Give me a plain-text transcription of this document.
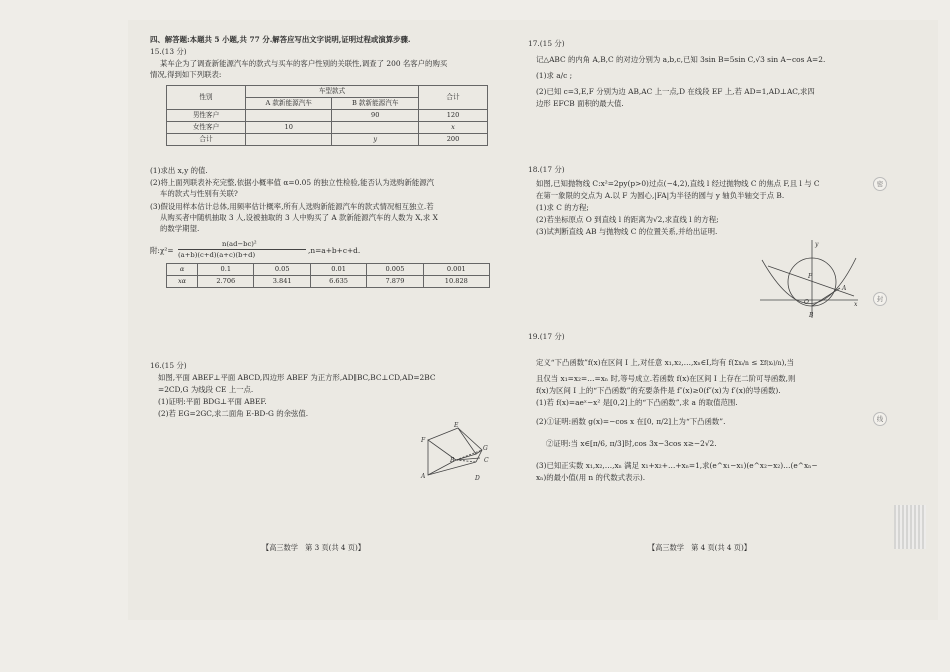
四、解答题:本题共 5 小题,共 77 分.解答应写出文字说明,证明过程或演算步骤.
15.(13 分)
某车企为了调查新能源汽车的款式与买车的客户性别的关联性,调查了 200 名客户的购买
情况,得到如下列联表:
性别	车型款式		合计
	A 款新能源汽车	B 款新能源汽车	
男性客户		90	120
女性客户	10		x
合计		y	200
(1)求出 x,y 的值.
(2)将上面列联表补充完整,依据小概率值 α=0.05 的独立性检验,能否认为选购新能源汽
车的款式与性别有关联?
(3)假设用样本估计总体,用频率估计概率,所有人选购新能源汽车的款式情况相互独立.若
从购买者中随机抽取 3 人,设被抽取的 3 人中购买了 A 款新能源汽车的人数为 X,求 X
的数学期望.
附:χ²=
n(ad−bc)²
(a+b)(c+d)(a+c)(b+d)	,n=a+b+c+d.
α	0.1	0.05	0.01	0.005	0.001
xα	2.706	3.841	6.635	7.879	10.828
16.(15 分)
如图,平面 ABEF⊥平面 ABCD,四边形 ABEF 为正方形,AD∥BC,BC⊥CD,AD=2BC
=2CD,G 为线段 CE 上一点.
(1)证明:平面 BDG⊥平面 ABEF.
(2)若 EG=2GC,求二面角 E-BD-G 的余弦值.
E
F
B	C
G
A	D
17.(15 分)
记△ABC 的内角 A,B,C 的对边分别为 a,b,c,已知 3sin B=5sin C,√3 sin A−cos A=2.
(1)求 a/c ;
(2)已知 c=3,E,F 分别为边 AB,AC 上一点,D 在线段 EF 上,若 AD=1,AD⊥AC,求四
边形 EFCB 面积的最大值.
18.(17 分)
如图,已知抛物线 C:x²=2py(p>0)过点(−4,2),直线 l 经过抛物线 C 的焦点 F,且 l 与 C
在第一象限的交点为 A.以 F 为圆心,|FA|为半径的圆与 y 轴负半轴交于点 B.
(1)求 C 的方程;
(2)若坐标原点 O 到直线 l 的距离为√2,求直线 l 的方程;
(3)试判断直线 AB 与抛物线 C 的位置关系,并给出证明.
19.(17 分)
定义“下凸函数”f(x)在区间 I 上,对任意 x₁,x₂,…,xₙ∈I,均有 f(Σxᵢ/n ≤ Σf(xᵢ)/n),当
且仅当 x₁=x₂=…=xₙ 时,等号成立.若函数 f(x)在区间 I 上存在二阶可导函数,则
f(x)为区间 I 上的“下凸函数”的充要条件是 f″(x)≥0(f″(x)为 f′(x)的导函数).
(1)若 f(x)=aeˣ−x² 是[0,2]上的“下凸函数”,求 a 的取值范围.
(2)①证明:函数 g(x)=−cos x 在[0, π/2]上为“下凸函数”.
②证明:当 x∈[π/6, π/3]时,cos 3x−3cos x≥−2√2.
(3)已知正实数 x₁,x₂,…,xₙ 满足 x₁+x₂+…+xₙ=1,求(e^x₁−x₁)(e^x₂−x₂)…(e^xₙ−
xₙ)的最小值(用 n 的代数式表示).
y
F
A
O	x
B
【高三数学　第 3 页(共 4 页)】	【高三数学　第 4 页(共 4 页)】
密
封
线
